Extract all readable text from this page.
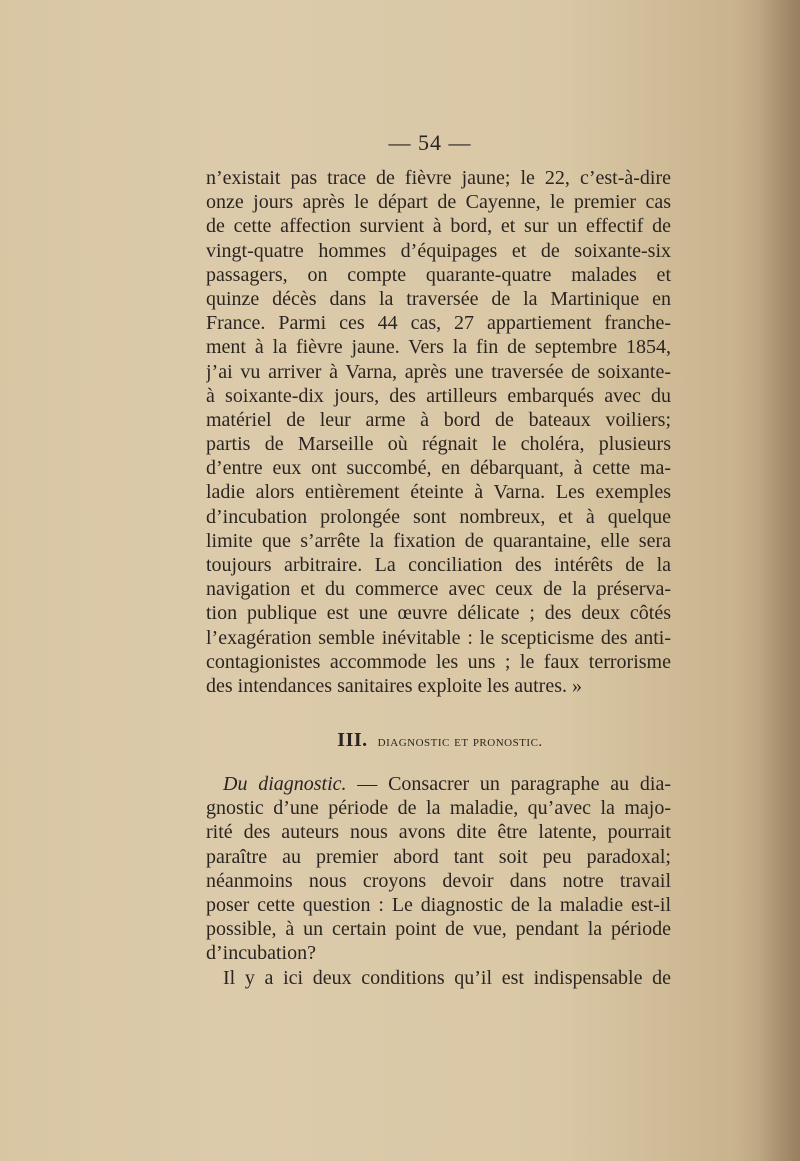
— 54 —
n’existait pas trace de fièvre jaune; le 22, c’est-à-dire
onze jours après le départ de Cayenne, le premier cas
de cette affection survient à bord, et sur un effectif de
vingt-quatre hommes d’équipages et de soixante-six
passagers, on compte quarante-quatre malades et
quinze décès dans la traversée de la Martinique en
France. Parmi ces 44 cas, 27 appartiement franche-
ment à la fièvre jaune. Vers la fin de septembre 1854,
j’ai vu arriver à Varna, après une traversée de soixante-
à soixante-dix jours, des artilleurs embarqués avec du
matériel de leur arme à bord de bateaux voiliers;
partis de Marseille où régnait le choléra, plusieurs
d’entre eux ont succombé, en débarquant, à cette ma-
ladie alors entièrement éteinte à Varna. Les exemples
d’incubation prolongée sont nombreux, et à quelque
limite que s’arrête la fixation de quarantaine, elle sera
toujours arbitraire. La conciliation des intérêts de la
navigation et du commerce avec ceux de la préserva-
tion publique est une œuvre délicate ; des deux côtés
l’exagération semble inévitable : le scepticisme des anti-
contagionistes accommode les uns ; le faux terrorisme
des intendances sanitaires exploite les autres. »
III. diagnostic et pronostic.
Du diagnostic. — Consacrer un paragraphe au dia-
gnostic d’une période de la maladie, qu’avec la majo-
rité des auteurs nous avons dite être latente, pourrait
paraître au premier abord tant soit peu paradoxal;
néanmoins nous croyons devoir dans notre travail
poser cette question : Le diagnostic de la maladie est-il
possible, à un certain point de vue, pendant la période
d’incubation?
Il y a ici deux conditions qu’il est indispensable de
